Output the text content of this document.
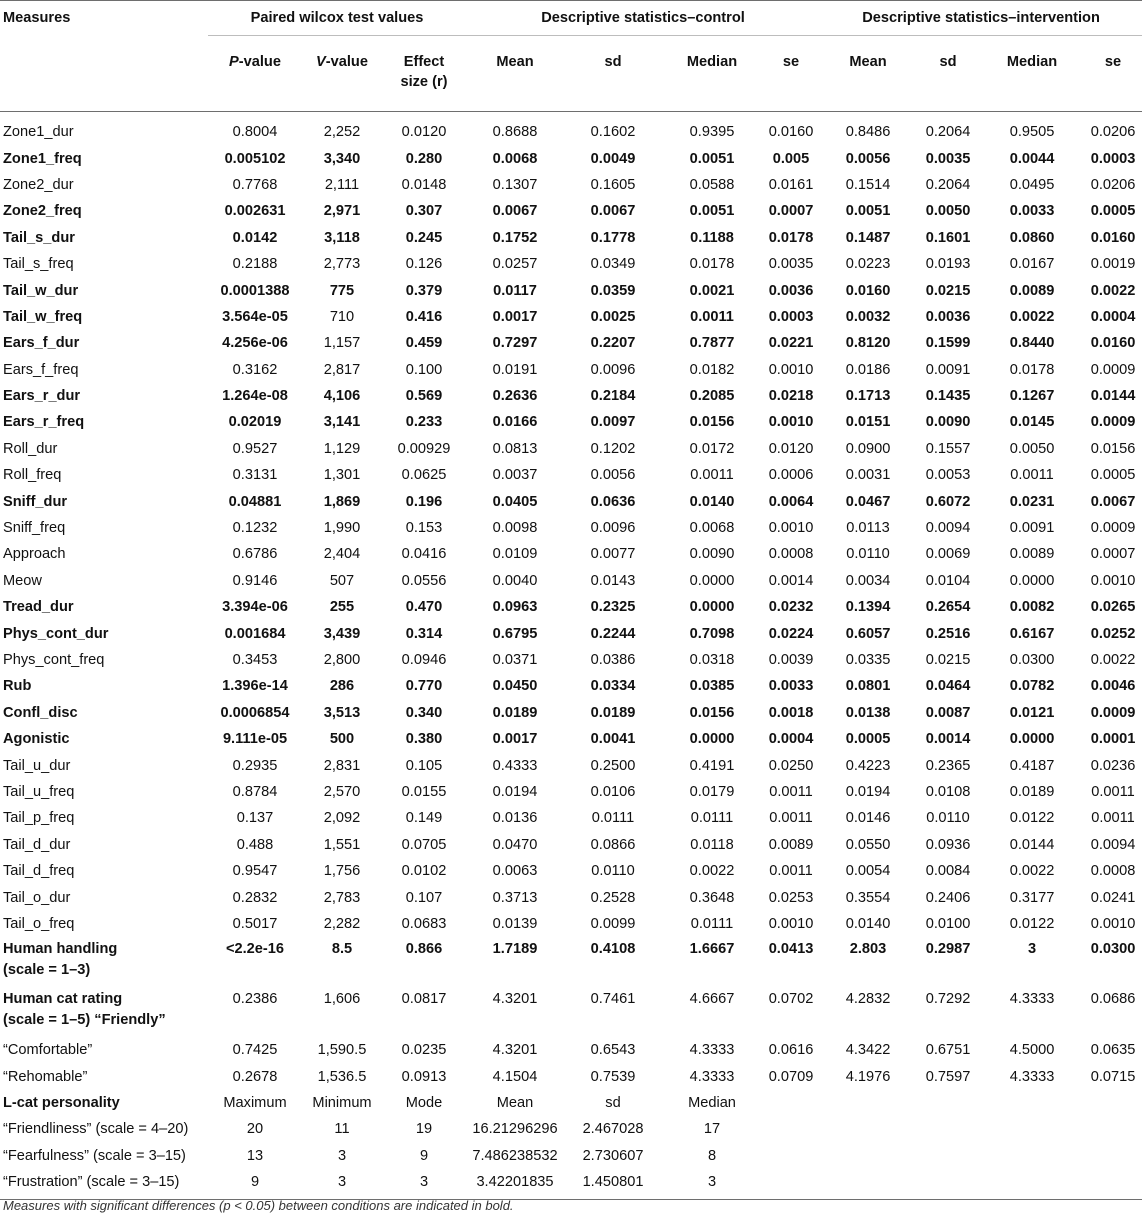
Measures	Paired wilcox test values			Descriptive statistics–control				Descriptive statistics–intervention			
	P-value	V-value	Effect
size (r)	Mean	sd	Median	se	Mean	sd	Median	se
Zone1_dur	0.8004	2,252	0.0120	0.8688	0.1602	0.9395	0.0160	0.8486	0.2064	0.9505	0.0206
Zone1_freq	0.005102	3,340	0.280	0.0068	0.0049	0.0051	0.005	0.0056	0.0035	0.0044	0.0003
Zone2_dur	0.7768	2,111	0.0148	0.1307	0.1605	0.0588	0.0161	0.1514	0.2064	0.0495	0.0206
Zone2_freq	0.002631	2,971	0.307	0.0067	0.0067	0.0051	0.0007	0.0051	0.0050	0.0033	0.0005
Tail_s_dur	0.0142	3,118	0.245	0.1752	0.1778	0.1188	0.0178	0.1487	0.1601	0.0860	0.0160
Tail_s_freq	0.2188	2,773	0.126	0.0257	0.0349	0.0178	0.0035	0.0223	0.0193	0.0167	0.0019
Tail_w_dur	0.0001388	775	0.379	0.0117	0.0359	0.0021	0.0036	0.0160	0.0215	0.0089	0.0022
Tail_w_freq	3.564e-05	710	0.416	0.0017	0.0025	0.0011	0.0003	0.0032	0.0036	0.0022	0.0004
Ears_f_dur	4.256e-06	1,157	0.459	0.7297	0.2207	0.7877	0.0221	0.8120	0.1599	0.8440	0.0160
Ears_f_freq	0.3162	2,817	0.100	0.0191	0.0096	0.0182	0.0010	0.0186	0.0091	0.0178	0.0009
Ears_r_dur	1.264e-08	4,106	0.569	0.2636	0.2184	0.2085	0.0218	0.1713	0.1435	0.1267	0.0144
Ears_r_freq	0.02019	3,141	0.233	0.0166	0.0097	0.0156	0.0010	0.0151	0.0090	0.0145	0.0009
Roll_dur	0.9527	1,129	0.00929	0.0813	0.1202	0.0172	0.0120	0.0900	0.1557	0.0050	0.0156
Roll_freq	0.3131	1,301	0.0625	0.0037	0.0056	0.0011	0.0006	0.0031	0.0053	0.0011	0.0005
Sniff_dur	0.04881	1,869	0.196	0.0405	0.0636	0.0140	0.0064	0.0467	0.6072	0.0231	0.0067
Sniff_freq	0.1232	1,990	0.153	0.0098	0.0096	0.0068	0.0010	0.0113	0.0094	0.0091	0.0009
Approach	0.6786	2,404	0.0416	0.0109	0.0077	0.0090	0.0008	0.0110	0.0069	0.0089	0.0007
Meow	0.9146	507	0.0556	0.0040	0.0143	0.0000	0.0014	0.0034	0.0104	0.0000	0.0010
Tread_dur	3.394e-06	255	0.470	0.0963	0.2325	0.0000	0.0232	0.1394	0.2654	0.0082	0.0265
Phys_cont_dur	0.001684	3,439	0.314	0.6795	0.2244	0.7098	0.0224	0.6057	0.2516	0.6167	0.0252
Phys_cont_freq	0.3453	2,800	0.0946	0.0371	0.0386	0.0318	0.0039	0.0335	0.0215	0.0300	0.0022
Rub	1.396e-14	286	0.770	0.0450	0.0334	0.0385	0.0033	0.0801	0.0464	0.0782	0.0046
Confl_disc	0.0006854	3,513	0.340	0.0189	0.0189	0.0156	0.0018	0.0138	0.0087	0.0121	0.0009
Agonistic	9.111e-05	500	0.380	0.0017	0.0041	0.0000	0.0004	0.0005	0.0014	0.0000	0.0001
Tail_u_dur	0.2935	2,831	0.105	0.4333	0.2500	0.4191	0.0250	0.4223	0.2365	0.4187	0.0236
Tail_u_freq	0.8784	2,570	0.0155	0.0194	0.0106	0.0179	0.0011	0.0194	0.0108	0.0189	0.0011
Tail_p_freq	0.137	2,092	0.149	0.0136	0.0111	0.0111	0.0011	0.0146	0.0110	0.0122	0.0011
Tail_d_dur	0.488	1,551	0.0705	0.0470	0.0866	0.0118	0.0089	0.0550	0.0936	0.0144	0.0094
Tail_d_freq	0.9547	1,756	0.0102	0.0063	0.0110	0.0022	0.0011	0.0054	0.0084	0.0022	0.0008
Tail_o_dur	0.2832	2,783	0.107	0.3713	0.2528	0.3648	0.0253	0.3554	0.2406	0.3177	0.0241
Tail_o_freq	0.5017	2,282	0.0683	0.0139	0.0099	0.0111	0.0010	0.0140	0.0100	0.0122	0.0010
Human handling
(scale = 1–3)	<2.2e-16	8.5	0.866	1.7189	0.4108	1.6667	0.0413	2.803	0.2987	3	0.0300
Human cat rating
(scale = 1–5) “Friendly”	0.2386	1,606	0.0817	4.3201	0.7461	4.6667	0.0702	4.2832	0.7292	4.3333	0.0686
“Comfortable”	0.7425	1,590.5	0.0235	4.3201	0.6543	4.3333	0.0616	4.3422	0.6751	4.5000	0.0635
“Rehomable”	0.2678	1,536.5	0.0913	4.1504	0.7539	4.3333	0.0709	4.1976	0.7597	4.3333	0.0715
L-cat personality	Maximum	Minimum	Mode	Mean	sd	Median					
“Friendliness” (scale = 4–20)	20	11	19	16.21296296	2.467028	17					
“Fearfulness” (scale = 3–15)	13	3	9	7.486238532	2.730607	8					
“Frustration” (scale = 3–15)	9	3	3	3.42201835	1.450801	3					
Measures with significant differences (p < 0.05) between conditions are indicated in bold.
